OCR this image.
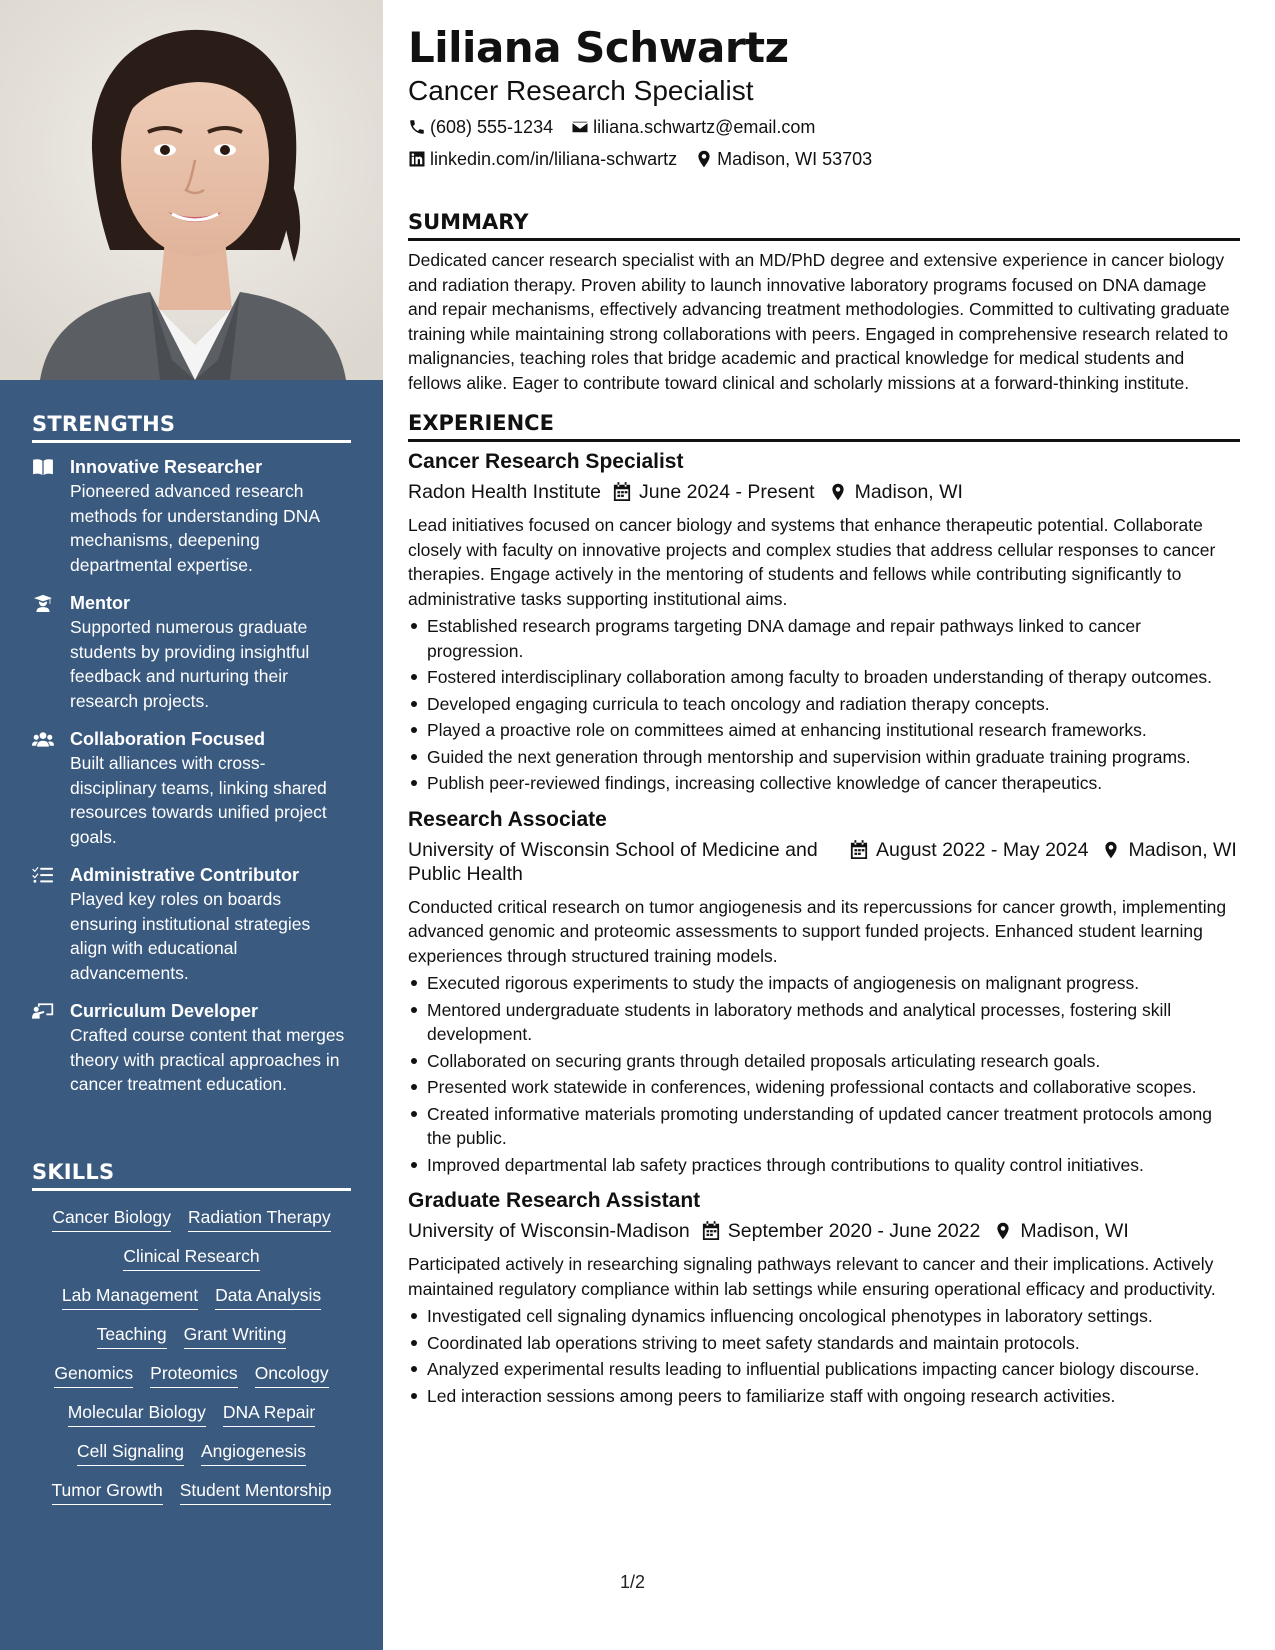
STRENGTHS
Innovative Researcher
Pioneered advanced research methods for understanding DNA mechanisms, deepening departmental expertise.
Mentor
Supported numerous graduate students by providing insightful feedback and nurturing their research projects.
Collaboration Focused
Built alliances with cross-disciplinary teams, linking shared resources towards unified project goals.
Administrative Contributor
Played key roles on boards ensuring institutional strategies align with educational advancements.
Curriculum Developer
Crafted course content that merges theory with practical approaches in cancer treatment education.
SKILLS
Cancer Biology Radiation Therapy
Clinical Research
Lab Management Data Analysis
Teaching Grant Writing
Genomics Proteomics Oncology
Molecular Biology DNA Repair
Cell Signaling Angiogenesis
Tumor Growth Student Mentorship
Liliana Schwartz
Cancer Research Specialist
(608) 555-1234 liliana.schwartz@email.com
linkedin.com/in/liliana-schwartz Madison, WI 53703
SUMMARY

Dedicated cancer research specialist with an MD/PhD degree and extensive experience in cancer biology and radiation therapy. Proven ability to launch innovative laboratory programs focused on DNA damage and repair mechanisms, effectively advancing treatment methodologies. Committed to cultivating graduate training while maintaining strong collaborations with peers. Engaged in comprehensive research related to malignancies, teaching roles that bridge academic and practical knowledge for medical students and fellows alike. Eager to contribute toward clinical and scholarly missions at a forward-thinking institute.

EXPERIENCE
Cancer Research Specialist
Radon Health Institute June 2024 - Present Madison, WI

Lead initiatives focused on cancer biology and systems that enhance therapeutic potential. Collaborate closely with faculty on innovative projects and complex studies that address cellular responses to cancer therapies. Engage actively in the mentoring of students and fellows while contributing significantly to administrative tasks supporting institutional aims.

Established research programs targeting DNA damage and repair pathways linked to cancer progression.
Fostered interdisciplinary collaboration among faculty to broaden understanding of therapy outcomes.
Developed engaging curricula to teach oncology and radiation therapy concepts.
Played a proactive role on committees aimed at enhancing institutional research frameworks.
Guided the next generation through mentorship and supervision within graduate training programs.
Publish peer-reviewed findings, increasing collective knowledge of cancer therapeutics.
Research Associate
University of Wisconsin School of Medicine and Public Health
August 2022 - May 2024 Madison, WI

Conducted critical research on tumor angiogenesis and its repercussions for cancer growth, implementing advanced genomic and proteomic assessments to support funded projects. Enhanced student learning experiences through structured training models.

Executed rigorous experiments to study the impacts of angiogenesis on malignant progress.
Mentored undergraduate students in laboratory methods and analytical processes, fostering skill development.
Collaborated on securing grants through detailed proposals articulating research goals.
Presented work statewide in conferences, widening professional contacts and collaborative scopes.
Created informative materials promoting understanding of updated cancer treatment protocols among the public.
Improved departmental lab safety practices through contributions to quality control initiatives.
Graduate Research Assistant
University of Wisconsin-Madison September 2020 - June 2022 Madison, WI

Participated actively in researching signaling pathways relevant to cancer and their implications. Actively maintained regulatory compliance within lab settings while ensuring operational efficacy and productivity.

Investigated cell signaling dynamics influencing oncological phenotypes in laboratory settings.
Coordinated lab operations striving to meet safety standards and maintain protocols.
Analyzed experimental results leading to influential publications impacting cancer biology discourse.
Led interaction sessions among peers to familiarize staff with ongoing research activities.
1/2
